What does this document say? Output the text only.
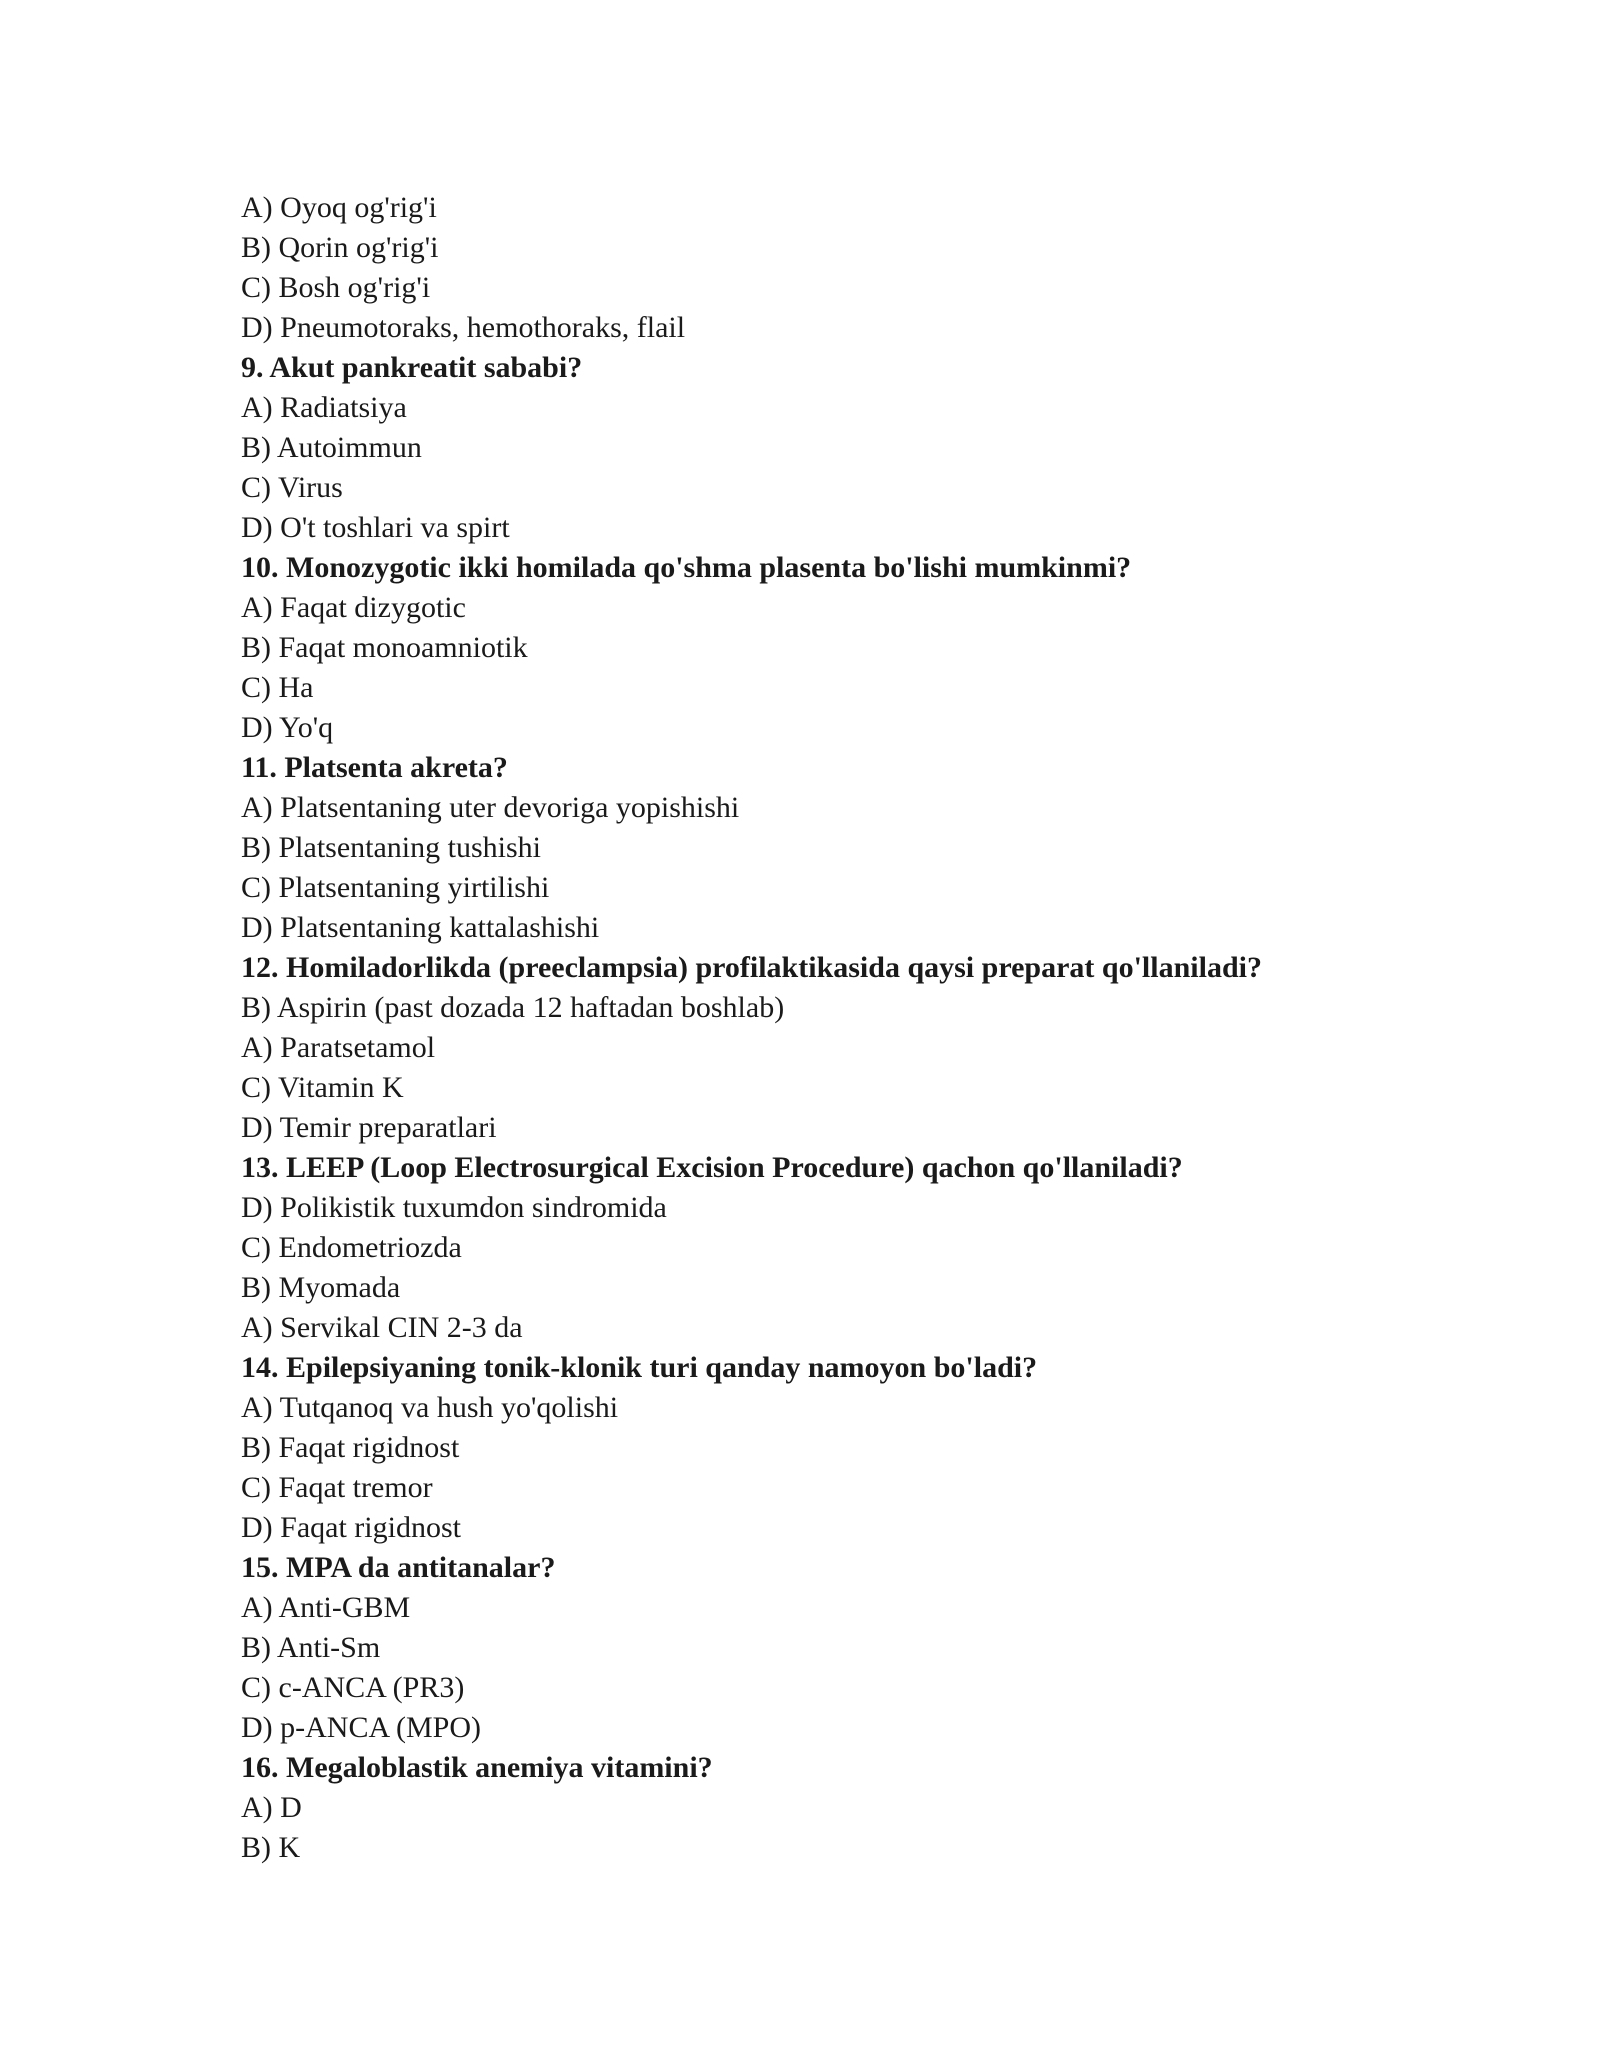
A) Oyoq og'rig'i
B) Qorin og'rig'i
C) Bosh og'rig'i
D) Pneumotoraks, hemothoraks, flail
9. Akut pankreatit sababi?
A) Radiatsiya
B) Autoimmun
C) Virus
D) O't toshlari va spirt
10. Monozygotic ikki homilada qo'shma plasenta bo'lishi mumkinmi?
A) Faqat dizygotic
B) Faqat monoamniotik
C) Ha
D) Yo'q
11. Platsenta akreta?
A) Platsentaning uter devoriga yopishishi
B) Platsentaning tushishi
C) Platsentaning yirtilishi
D) Platsentaning kattalashishi
12. Homiladorlikda (preeclampsia) profilaktikasida qaysi preparat qo'llaniladi?
B) Aspirin (past dozada 12 haftadan boshlab)
A) Paratsetamol
C) Vitamin K
D) Temir preparatlari
13. LEEP (Loop Electrosurgical Excision Procedure) qachon qo'llaniladi?
D) Polikistik tuxumdon sindromida
C) Endometriozda
B) Myomada
A) Servikal CIN 2-3 da
14. Epilepsiyaning tonik-klonik turi qanday namoyon bo'ladi?
A) Tutqanoq va hush yo'qolishi
B) Faqat rigidnost
C) Faqat tremor
D) Faqat rigidnost
15. MPA da antitanalar?
A) Anti-GBM
B) Anti-Sm
C) c-ANCA (PR3)
D) p-ANCA (MPO)
16. Megaloblastik anemiya vitamini?
A) D
B) K
